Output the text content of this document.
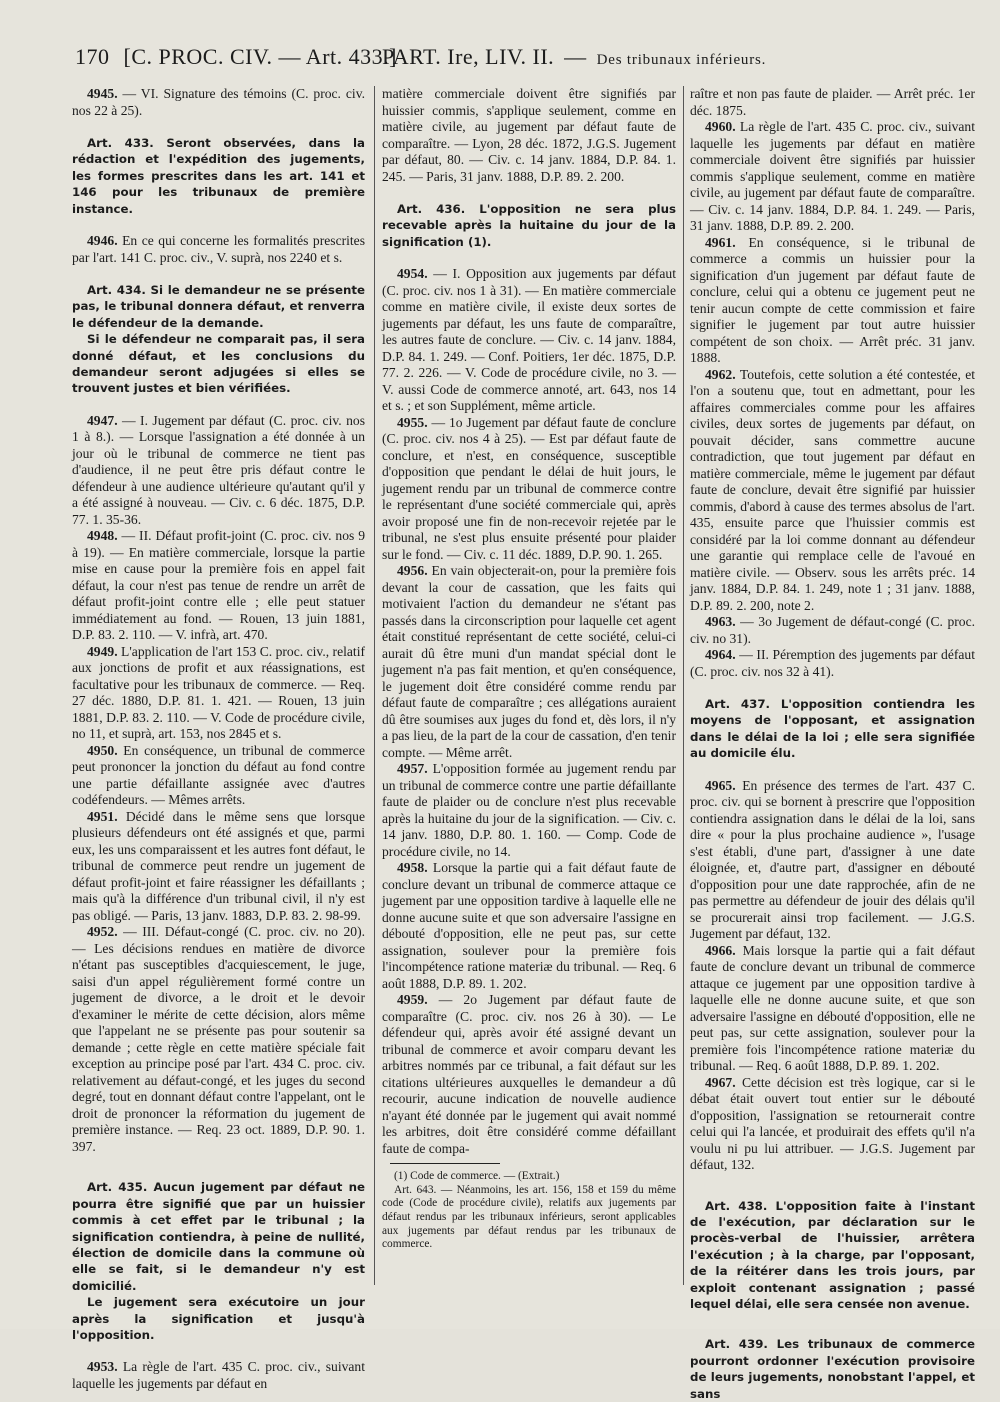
170 [C. PROC. CIV. — Art. 433.]
PART. Ire, LIV. II. — Des tribunaux inférieurs.

4945. — VI. Signature des témoins (C. proc. civ. nos 22 à 25).

Art. 433. Seront observées, dans la rédaction et l'expédition des jugements, les formes prescrites dans les art. 141 et 146 pour les tribunaux de première instance.

4946. En ce qui concerne les formalités prescrites par l'art. 141 C. proc. civ., V. suprà, nos 2240 et s.

Art. 434. Si le demandeur ne se présente pas, le tribunal donnera défaut, et renverra le défendeur de la demande.

Si le défendeur ne comparait pas, il sera donné défaut, et les conclusions du demandeur seront adjugées si elles se trouvent justes et bien vérifiées.

4947. — I. Jugement par défaut (C. proc. civ. nos 1 à 8.). — Lorsque l'assignation a été donnée à un jour où le tribunal de commerce ne tient pas d'audience, il ne peut être pris défaut contre le défendeur à une audience ultérieure qu'autant qu'il y a été assigné à nouveau. — Civ. c. 6 déc. 1875, D.P. 77. 1. 35-36.

4948. — II. Défaut profit-joint (C. proc. civ. nos 9 à 19). — En matière commerciale, lorsque la partie mise en cause pour la première fois en appel fait défaut, la cour n'est pas tenue de rendre un arrêt de défaut profit-joint contre elle ; elle peut statuer immédiatement au fond. — Rouen, 13 juin 1881, D.P. 83. 2. 110. — V. infrà, art. 470.

4949. L'application de l'art 153 C. proc. civ., relatif aux jonctions de profit et aux réassignations, est facultative pour les tribunaux de commerce. — Req. 27 déc. 1880, D.P. 81. 1. 421. — Rouen, 13 juin 1881, D.P. 83. 2. 110. — V. Code de procédure civile, no 11, et suprà, art. 153, nos 2845 et s.

4950. En conséquence, un tribunal de commerce peut prononcer la jonction du défaut au fond contre une partie défaillante assignée avec d'autres codéfendeurs. — Mêmes arrêts.

4951. Décidé dans le même sens que lorsque plusieurs défendeurs ont été assignés et que, parmi eux, les uns comparaissent et les autres font défaut, le tribunal de commerce peut rendre un jugement de défaut profit-joint et faire réassigner les défaillants ; mais qu'à la différence d'un tribunal civil, il n'y est pas obligé. — Paris, 13 janv. 1883, D.P. 83. 2. 98-99.

4952. — III. Défaut-congé (C. proc. civ. no 20). — Les décisions rendues en matière de divorce n'étant pas susceptibles d'acquiescement, le juge, saisi d'un appel régulièrement formé contre un jugement de divorce, a le droit et le devoir d'examiner le mérite de cette décision, alors même que l'appelant ne se présente pas pour soutenir sa demande ; cette règle en cette matière spéciale fait exception au principe posé par l'art. 434 C. proc. civ. relativement au défaut-congé, et les juges du second degré, tout en donnant défaut contre l'appelant, ont le droit de prononcer la réformation du jugement de première instance. — Req. 23 oct. 1889, D.P. 90. 1. 397.

Art. 435. Aucun jugement par défaut ne pourra être signifié que par un huissier commis à cet effet par le tribunal ; la signification contiendra, à peine de nullité, élection de domicile dans la commune où elle se fait, si le demandeur n'y est domicilié.

Le jugement sera exécutoire un jour après la signification et jusqu'à l'opposition.

4953. La règle de l'art. 435 C. proc. civ., suivant laquelle les jugements par défaut en

matière commerciale doivent être signifiés par huissier commis, s'applique seulement, comme en matière civile, au jugement par défaut faute de comparaître. — Lyon, 28 déc. 1872, J.G.S. Jugement par défaut, 80. — Civ. c. 14 janv. 1884, D.P. 84. 1. 245. — Paris, 31 janv. 1888, D.P. 89. 2. 200.

Art. 436. L'opposition ne sera plus recevable après la huitaine du jour de la signification (1).

4954. — I. Opposition aux jugements par défaut (C. proc. civ. nos 1 à 31). — En matière commerciale comme en matière civile, il existe deux sortes de jugements par défaut, les uns faute de comparaître, les autres faute de conclure. — Civ. c. 14 janv. 1884, D.P. 84. 1. 249. — Conf. Poitiers, 1er déc. 1875, D.P. 77. 2. 226. — V. Code de procédure civile, no 3. — V. aussi Code de commerce annoté, art. 643, nos 14 et s. ; et son Supplément, même article.

4955. — 1o Jugement par défaut faute de conclure (C. proc. civ. nos 4 à 25). — Est par défaut faute de conclure, et n'est, en conséquence, susceptible d'opposition que pendant le délai de huit jours, le jugement rendu par un tribunal de commerce contre le représentant d'une société commerciale qui, après avoir proposé une fin de non-recevoir rejetée par le tribunal, ne s'est plus ensuite présenté pour plaider sur le fond. — Civ. c. 11 déc. 1889, D.P. 90. 1. 265.

4956. En vain objecterait-on, pour la première fois devant la cour de cassation, que les faits qui motivaient l'action du demandeur ne s'étant pas passés dans la circonscription pour laquelle cet agent était constitué représentant de cette société, celui-ci aurait dû être muni d'un mandat spécial dont le jugement n'a pas fait mention, et qu'en conséquence, le jugement doit être considéré comme rendu par défaut faute de comparaître ; ces allégations auraient dû être soumises aux juges du fond et, dès lors, il n'y a pas lieu, de la part de la cour de cassation, d'en tenir compte. — Même arrêt.

4957. L'opposition formée au jugement rendu par un tribunal de commerce contre une partie défaillante faute de plaider ou de conclure n'est plus recevable après la huitaine du jour de la signification. — Civ. c. 14 janv. 1880, D.P. 80. 1. 160. — Comp. Code de procédure civile, no 14.

4958. Lorsque la partie qui a fait défaut faute de conclure devant un tribunal de commerce attaque ce jugement par une opposition tardive à laquelle elle ne donne aucune suite et que son adversaire l'assigne en débouté d'opposition, elle ne peut pas, sur cette assignation, soulever pour la première fois l'incompétence ratione materiæ du tribunal. — Req. 6 août 1888, D.P. 89. 1. 202.

4959. — 2o Jugement par défaut faute de comparaître (C. proc. civ. nos 26 à 30). — Le défendeur qui, après avoir été assigné devant un tribunal de commerce et avoir comparu devant les arbitres nommés par ce tribunal, a fait défaut sur les citations ultérieures auxquelles le demandeur a dû recourir, aucune indication de nouvelle audience n'ayant été donnée par le jugement qui avait nommé les arbitres, doit être considéré comme défaillant faute de compa-

(1) Code de commerce. — (Extrait.)

Art. 643. — Néanmoins, les art. 156, 158 et 159 du même code (Code de procédure civile), relatifs aux jugements par défaut rendus par les tribunaux inférieurs, seront applicables aux jugements par défaut rendus par les tribunaux de commerce.

raître et non pas faute de plaider. — Arrêt préc. 1er déc. 1875.

4960. La règle de l'art. 435 C. proc. civ., suivant laquelle les jugements par défaut en matière commerciale doivent être signifiés par huissier commis s'applique seulement, comme en matière civile, au jugement par défaut faute de comparaître. — Civ. c. 14 janv. 1884, D.P. 84. 1. 249. — Paris, 31 janv. 1888, D.P. 89. 2. 200.

4961. En conséquence, si le tribunal de commerce a commis un huissier pour la signification d'un jugement par défaut faute de conclure, celui qui a obtenu ce jugement peut ne tenir aucun compte de cette commission et faire signifier le jugement par tout autre huissier compétent de son choix. — Arrêt préc. 31 janv. 1888.

4962. Toutefois, cette solution a été contestée, et l'on a soutenu que, tout en admettant, pour les affaires commerciales comme pour les affaires civiles, deux sortes de jugements par défaut, on pouvait décider, sans commettre aucune contradiction, que tout jugement par défaut en matière commerciale, même le jugement par défaut faute de conclure, devait être signifié par huissier commis, d'abord à cause des termes absolus de l'art. 435, ensuite parce que l'huissier commis est considéré par la loi comme donnant au défendeur une garantie qui remplace celle de l'avoué en matière civile. — Observ. sous les arrêts préc. 14 janv. 1884, D.P. 84. 1. 249, note 1 ; 31 janv. 1888, D.P. 89. 2. 200, note 2.

4963. — 3o Jugement de défaut-congé (C. proc. civ. no 31).

4964. — II. Péremption des jugements par défaut (C. proc. civ. nos 32 à 41).

Art. 437. L'opposition contiendra les moyens de l'opposant, et assignation dans le délai de la loi ; elle sera signifiée au domicile élu.

4965. En présence des termes de l'art. 437 C. proc. civ. qui se bornent à prescrire que l'opposition contiendra assignation dans le délai de la loi, sans dire « pour la plus prochaine audience », l'usage s'est établi, d'une part, d'assigner à une date éloignée, et, d'autre part, d'assigner en débouté d'opposition pour une date rapprochée, afin de ne pas permettre au défendeur de jouir des délais qu'il se procurerait ainsi trop facilement. — J.G.S. Jugement par défaut, 132.

4966. Mais lorsque la partie qui a fait défaut faute de conclure devant un tribunal de commerce attaque ce jugement par une opposition tardive à laquelle elle ne donne aucune suite, et que son adversaire l'assigne en débouté d'opposition, elle ne peut pas, sur cette assignation, soulever pour la première fois l'incompétence ratione materiæ du tribunal. — Req. 6 août 1888, D.P. 89. 1. 202.

4967. Cette décision est très logique, car si le débat était ouvert tout entier sur le débouté d'opposition, l'assignation se retournerait contre celui qui l'a lancée, et produirait des effets qu'il n'a voulu ni pu lui attribuer. — J.G.S. Jugement par défaut, 132.

Art. 438. L'opposition faite à l'instant de l'exécution, par déclaration sur le procès-verbal de l'huissier, arrêtera l'exécution ; à la charge, par l'opposant, de la réitérer dans les trois jours, par exploit contenant assignation ; passé lequel délai, elle sera censée non avenue.

Art. 439. Les tribunaux de commerce pourront ordonner l'exécution provisoire de leurs jugements, nonobstant l'appel, et sans
